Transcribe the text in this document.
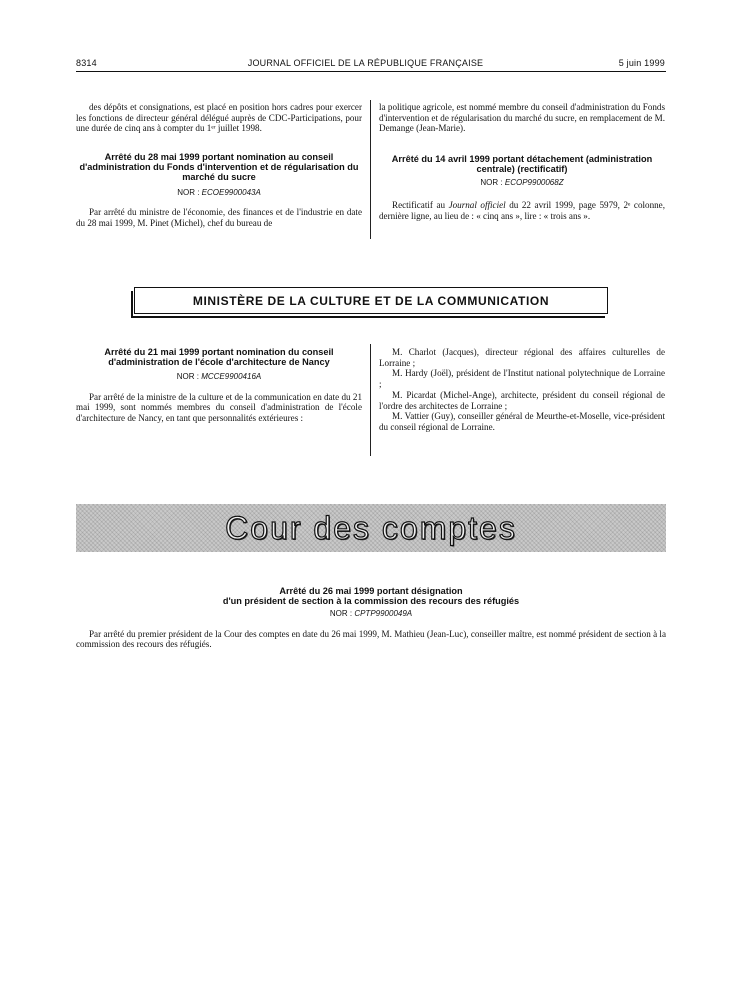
8314	JOURNAL OFFICIEL DE LA RÉPUBLIQUE FRANÇAISE	5 juin 1999

des dépôts et consignations, est placé en position hors cadres pour exercer les fonctions de directeur général délégué auprès de CDC-Participations, pour une durée de cinq ans à compter du 1ᵉʳ juillet 1998.

Arrêté du 28 mai 1999 portant nomination au conseil d'administration du Fonds d'intervention et de régularisation du marché du sucre

NOR : ECOE9900043A

Par arrêté du ministre de l'économie, des finances et de l'industrie en date du 28 mai 1999, M. Pinet (Michel), chef du bureau de

la politique agricole, est nommé membre du conseil d'administration du Fonds d'intervention et de régularisation du marché du sucre, en remplacement de M. Demange (Jean-Marie).

Arrêté du 14 avril 1999 portant détachement (administration centrale) (rectificatif)

NOR : ECOP9900068Z

Rectificatif au Journal officiel du 22 avril 1999, page 5979, 2ᵉ colonne, dernière ligne, au lieu de : « cinq ans », lire : « trois ans ».

MINISTÈRE DE LA CULTURE ET DE LA COMMUNICATION

Arrêté du 21 mai 1999 portant nomination du conseil d'administration de l'école d'architecture de Nancy

NOR : MCCE9900416A

Par arrêté de la ministre de la culture et de la communication en date du 21 mai 1999, sont nommés membres du conseil d'administration de l'école d'architecture de Nancy, en tant que personnalités extérieures :

M. Charlot (Jacques), directeur régional des affaires culturelles de Lorraine ;

M. Hardy (Joël), président de l'Institut national polytechnique de Lorraine ;

M. Picardat (Michel-Ange), architecte, président du conseil régional de l'ordre des architectes de Lorraine ;

M. Vattier (Guy), conseiller général de Meurthe-et-Moselle, vice-président du conseil régional de Lorraine.

Cour des comptes

Arrêté du 26 mai 1999 portant désignation

d'un président de section à la commission des recours des réfugiés

NOR : CPTP9900049A

Par arrêté du premier président de la Cour des comptes en date du 26 mai 1999, M. Mathieu (Jean-Luc), conseiller maître, est nommé président de section à la commission des recours des réfugiés.
